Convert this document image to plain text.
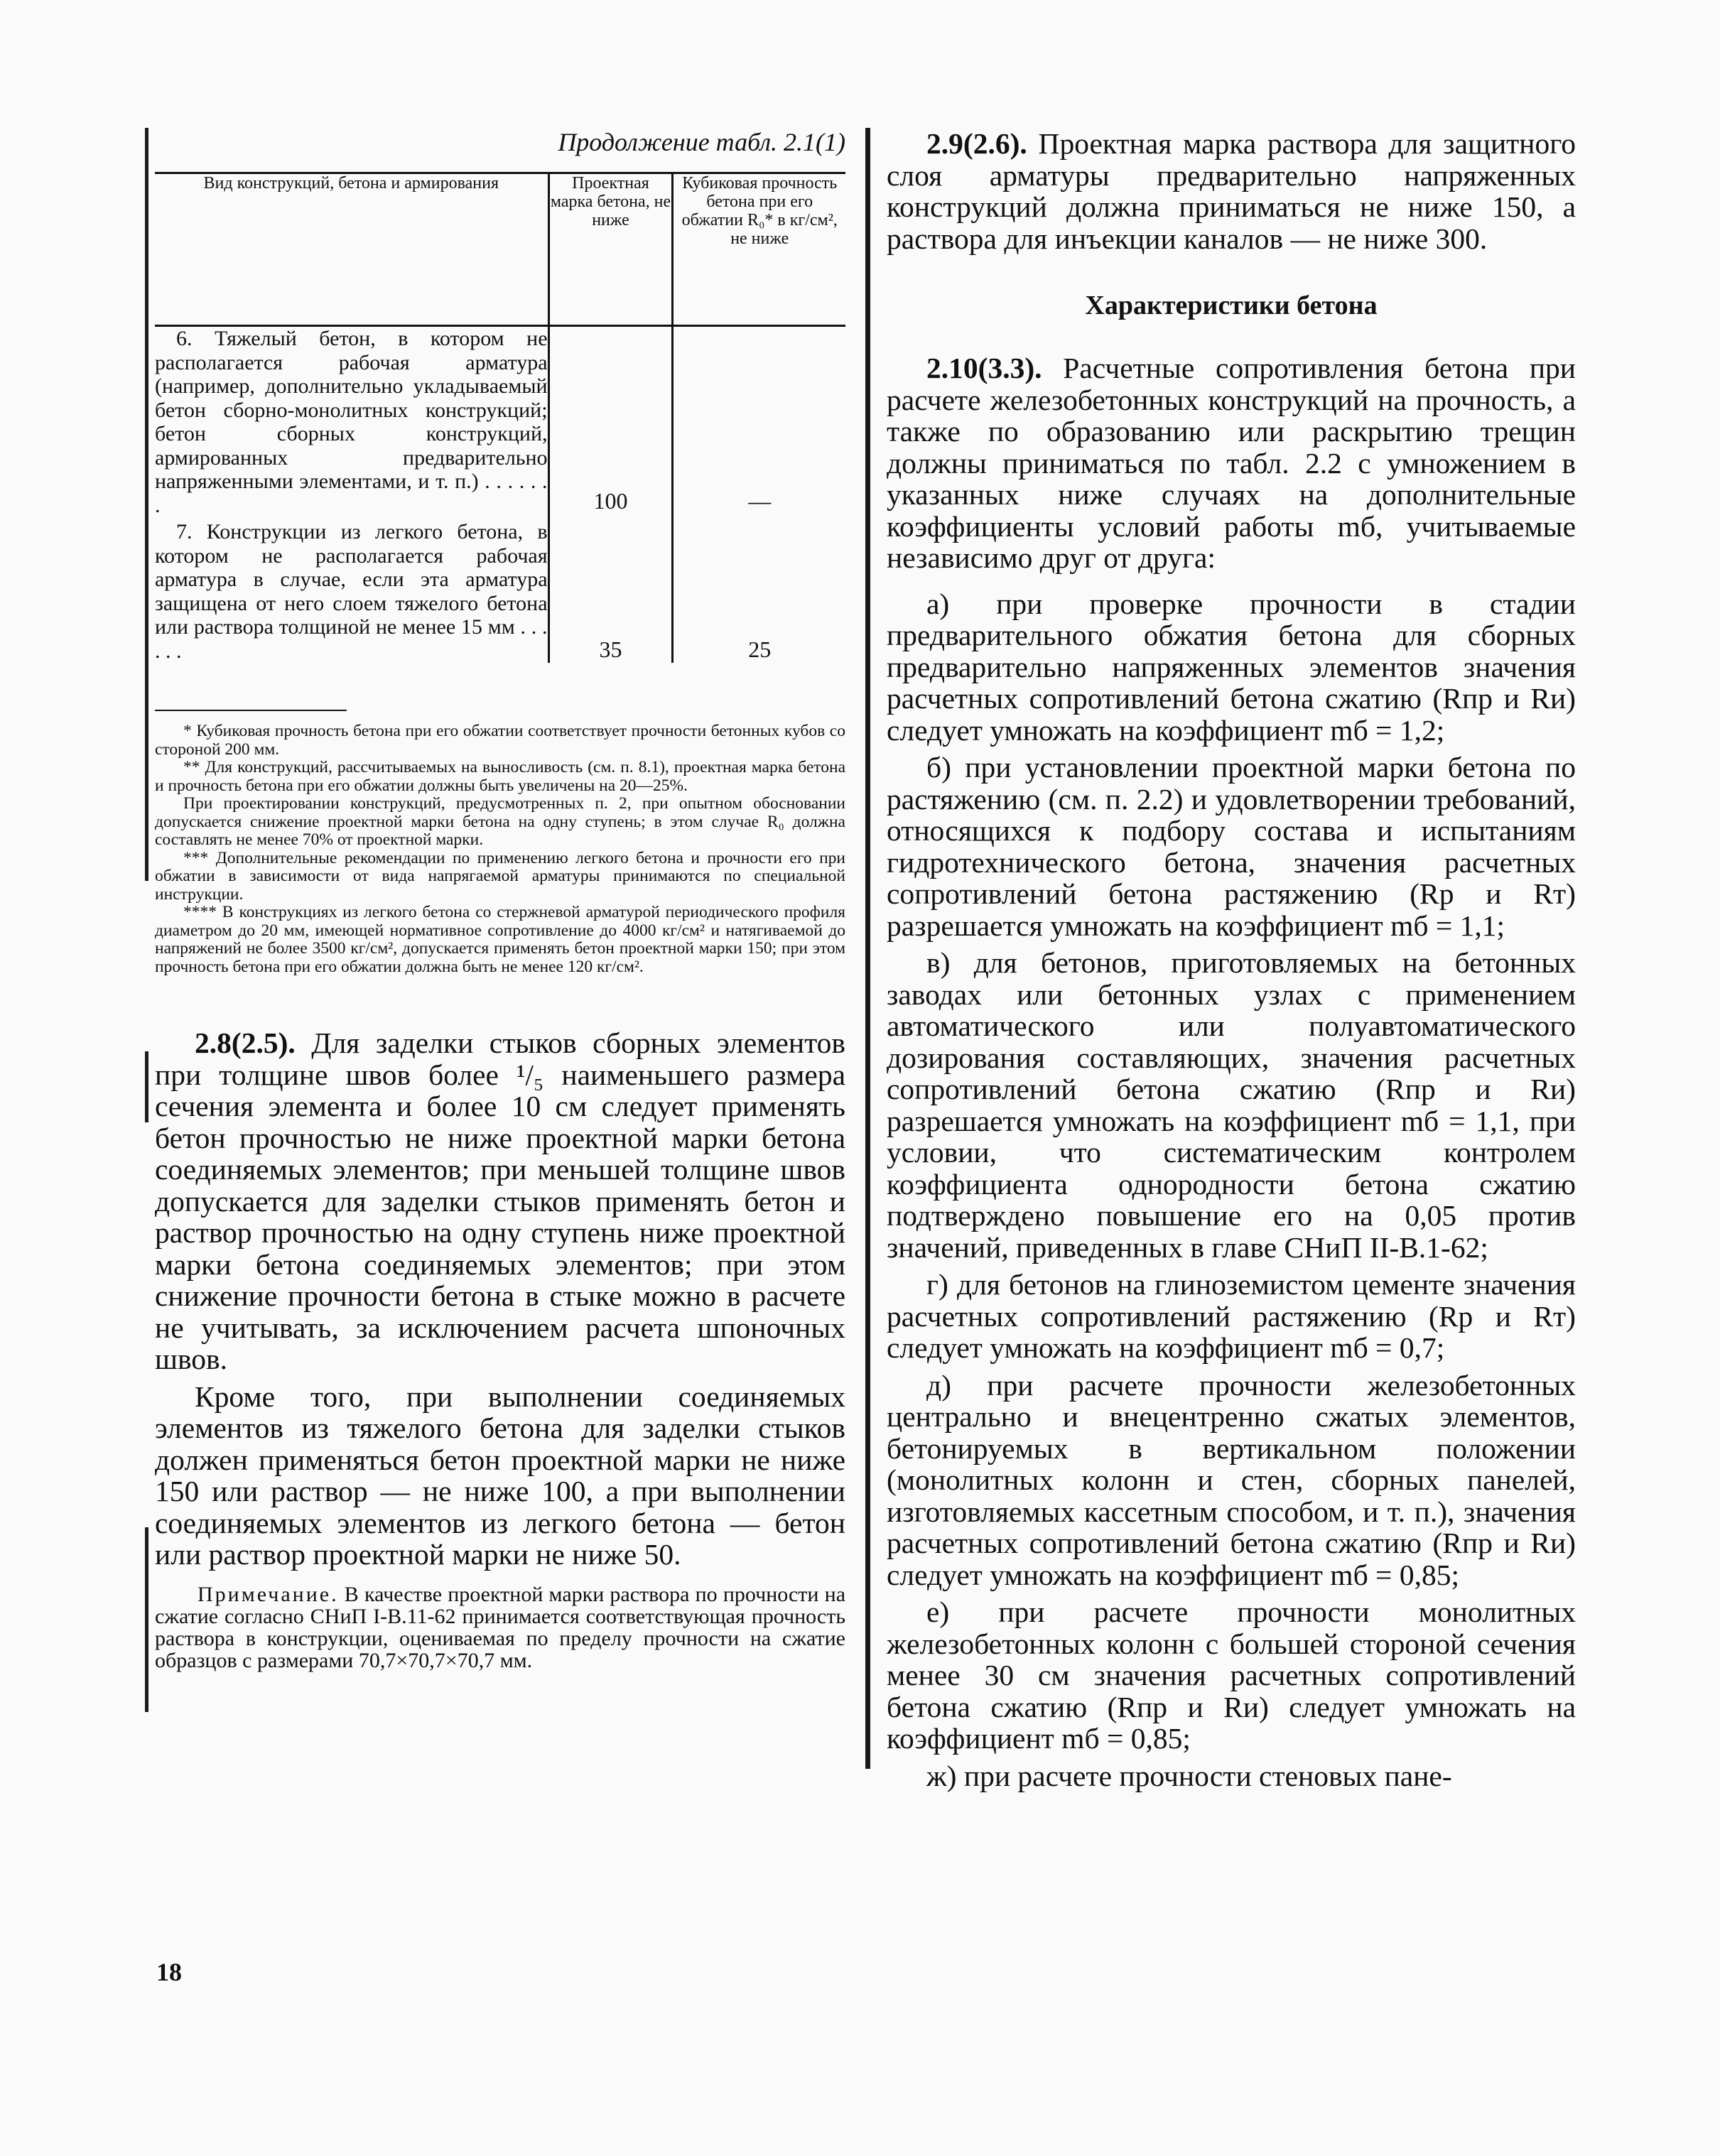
Продолжение табл. 2.1(1)

Вид конструкций, бетона и армирования	Проектная марка бетона, не ниже	Кубиковая прочность бетона при его обжатии R₀* в кг/см², не ниже

6. Тяжелый бетон, в котором не располагается рабочая арматура (например, дополнительно укладываемый бетон сборно-монолитных конструкций; бетон сборных конструкций, армированных предварительно напряженными элементами, и т. п.) . . . . . . .	100	—

7. Конструкции из легкого бетона, в котором не располагается рабочая арматура в случае, если эта арматура защищена от него слоем тяжелого бетона или раствора толщиной не менее 15 мм . . . . . .	35	25

* Кубиковая прочность бетона при его обжатии соответствует прочности бетонных кубов со стороной 200 мм.

** Для конструкций, рассчитываемых на выносливость (см. п. 8.1), проектная марка бетона и прочность бетона при его обжатии должны быть увеличены на 20—25%.

При проектировании конструкций, предусмотренных п. 2, при опытном обосновании допускается снижение проектной марки бетона на одну ступень; в этом случае R₀ должна составлять не менее 70% от проектной марки.

*** Дополнительные рекомендации по применению легкого бетона и прочности его при обжатии в зависимости от вида напрягаемой арматуры принимаются по специальной инструкции.

**** В конструкциях из легкого бетона со стержневой арматурой периодического профиля диаметром до 20 мм, имеющей нормативное сопротивление до 4000 кг/см² и натягиваемой до напряжений не более 3500 кг/см², допускается применять бетон проектной марки 150; при этом прочность бетона при его обжатии должна быть не менее 120 кг/см².

2.8(2.5). Для заделки стыков сборных элементов при толщине швов более ¹/₅ наименьшего размера сечения элемента и более 10 см следует применять бетон прочностью не ниже проектной марки бетона соединяемых элементов; при меньшей толщине швов допускается для заделки стыков применять бетон и раствор прочностью на одну ступень ниже проектной марки бетона соединяемых элементов; при этом снижение прочности бетона в стыке можно в расчете не учитывать, за исключением расчета шпоночных швов.

Кроме того, при выполнении соединяемых элементов из тяжелого бетона для заделки стыков должен применяться бетон проектной марки не ниже 150 или раствор — не ниже 100, а при выполнении соединяемых элементов из легкого бетона — бетон или раствор проектной марки не ниже 50.

Примечание. В качестве проектной марки раствора по прочности на сжатие согласно СНиП I-B.11-62 принимается соответствующая прочность раствора в конструкции, оцениваемая по пределу прочности на сжатие образцов с размерами 70,7×70,7×70,7 мм.

2.9(2.6). Проектная марка раствора для защитного слоя арматуры предварительно напряженных конструкций должна приниматься не ниже 150, а раствора для инъекции каналов — не ниже 300.

Характеристики бетона

2.10(3.3). Расчетные сопротивления бетона при расчете железобетонных конструкций на прочность, а также по образованию или раскрытию трещин должны приниматься по табл. 2.2 с умножением в указанных ниже случаях на дополнительные коэффициенты условий работы mб, учитываемые независимо друг от друга:

а) при проверке прочности в стадии предварительного обжатия бетона для сборных предварительно напряженных элементов значения расчетных сопротивлений бетона сжатию (Rпр и Rи) следует умножать на коэффициент mб = 1,2;

б) при установлении проектной марки бетона по растяжению (см. п. 2.2) и удовлетворении требований, относящихся к подбору состава и испытаниям гидротехнического бетона, значения расчетных сопротивлений бетона растяжению (Rр и Rт) разрешается умножать на коэффициент mб = 1,1;

в) для бетонов, приготовляемых на бетонных заводах или бетонных узлах с применением автоматического или полуавтоматического дозирования составляющих, значения расчетных сопротивлений бетона сжатию (Rпр и Rи) разрешается умножать на коэффициент mб = 1,1, при условии, что систематическим контролем коэффициента однородности бетона сжатию подтверждено повышение его на 0,05 против значений, приведенных в главе СНиП II-B.1-62;

г) для бетонов на глиноземистом цементе значения расчетных сопротивлений растяжению (Rр и Rт) следует умножать на коэффициент mб = 0,7;

д) при расчете прочности железобетонных центрально и внецентренно сжатых элементов, бетонируемых в вертикальном положении (монолитных колонн и стен, сборных панелей, изготовляемых кассетным способом, и т. п.), значения расчетных сопротивлений бетона сжатию (Rпр и Rи) следует умножать на коэффициент mб = 0,85;

е) при расчете прочности монолитных железобетонных колонн с большей стороной сечения менее 30 см значения расчетных сопротивлений бетона сжатию (Rпр и Rи) следует умножать на коэффициент mб = 0,85;

ж) при расчете прочности стеновых пане-

18
